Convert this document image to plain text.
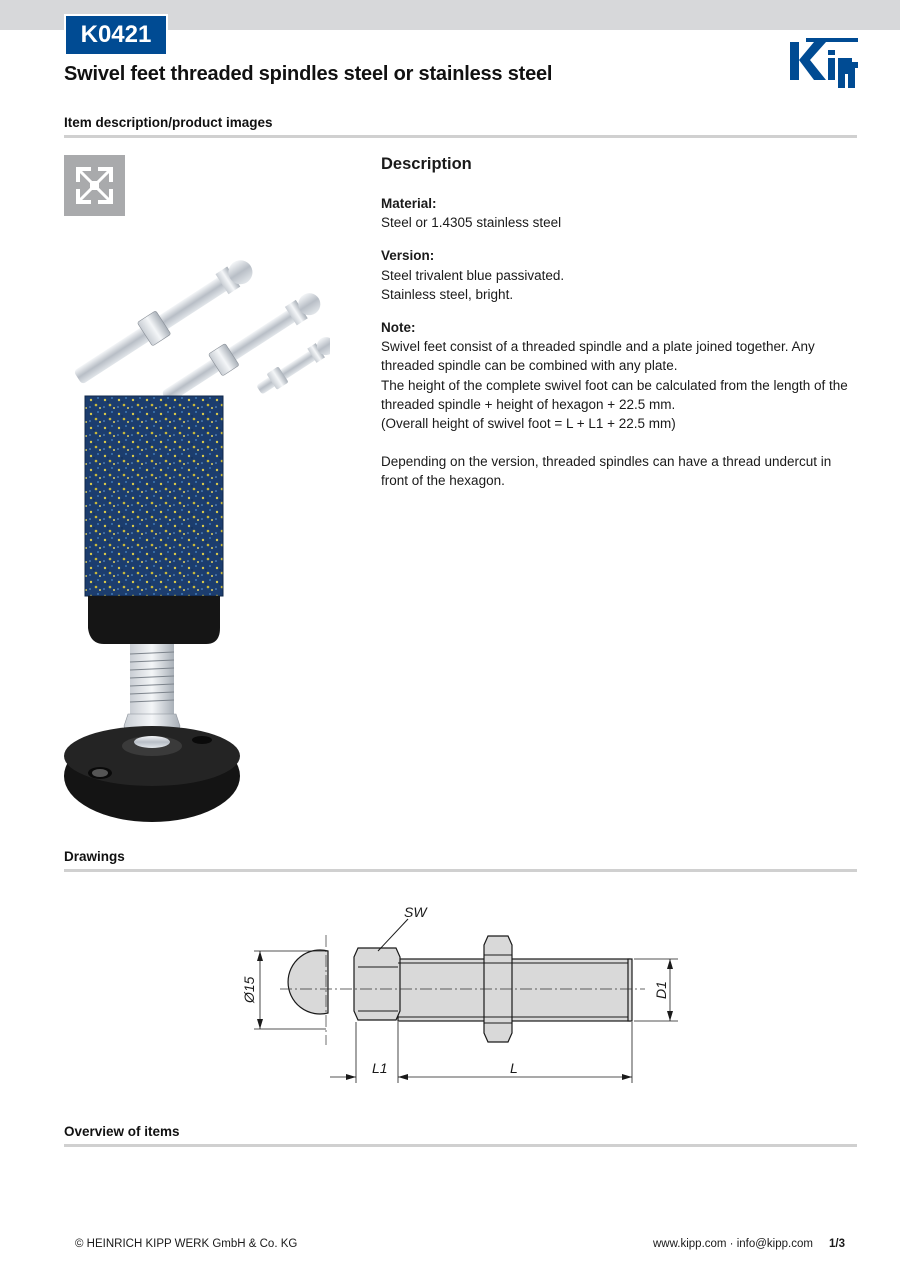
K0421
Swivel feet threaded spindles steel or stainless steel
Item description/product images
Description
Material:
Steel or 1.4305 stainless steel
Version:
Steel trivalent blue passivated.
Stainless steel, bright.
Note:
Swivel feet consist of a threaded spindle and a plate joined together. Any threaded spindle can be combined with any plate.
The height of the complete swivel foot can be calculated from the length of the threaded spindle + height of hexagon + 22.5 mm.
(Overall height of swivel foot = L + L1 + 22.5 mm)
Depending on the version, threaded spindles can have a thread undercut in front of the hexagon.
Drawings
SW
Ø15	D1
L1	L
Overview of items
© HEINRICH KIPP WERK GmbH & Co. KG	www.kipp.com · info@kipp.com 1/3
